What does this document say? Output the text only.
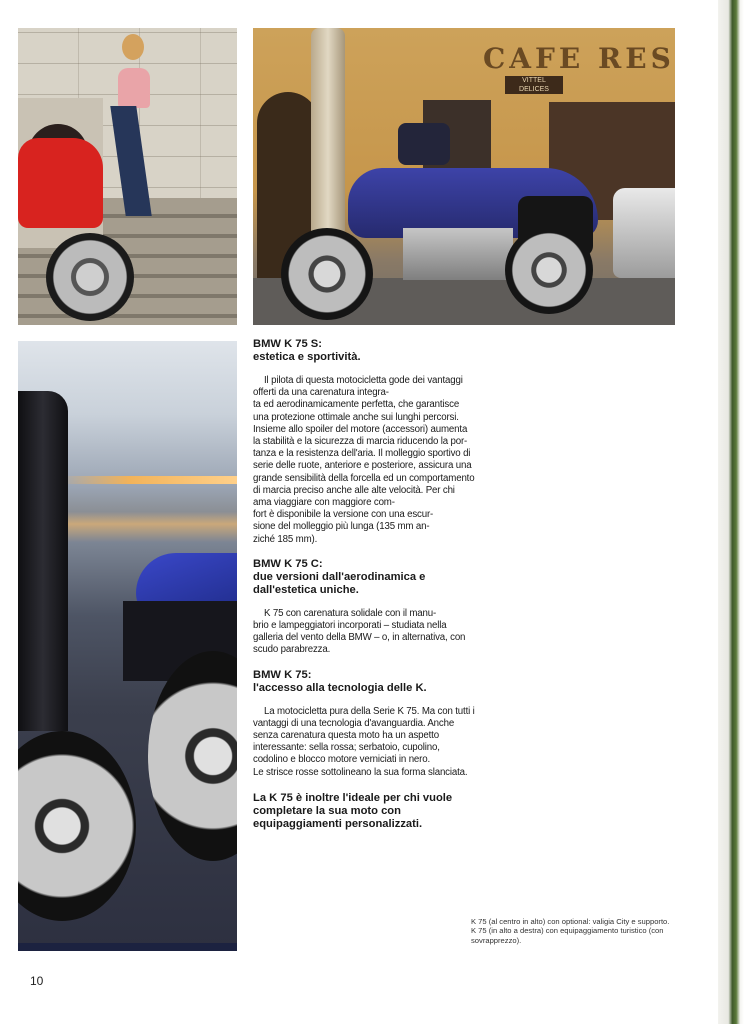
CAFE RES
VITTEL
DELICES

BMW K 75 S:
estetica e sportività.

Il pilota di questa motocicletta gode dei vantaggi offerti da una carenatura integra-
ta ed aerodinamicamente perfetta, che garantisce una protezione ottimale anche sui lunghi percorsi. Insieme allo spoiler del motore (accessori) aumenta la stabilità e la sicurezza di marcia riducendo la por-
tanza e la resistenza dell'aria. Il molleggio sportivo di serie delle ruote, anteriore e posteriore, assicura una grande sensibilità della forcella ed un comportamento di marcia preciso anche alle alte velocità. Per chi ama viaggiare con maggiore com-
fort è disponibile la versione con una escur-
sione del molleggio più lunga (135 mm an-
ziché 185 mm).

BMW K 75 C:
due versioni dall'aerodinamica e dall'estetica uniche.

K 75 con carenatura solidale con il manu-
brio e lampeggiatori incorporati – studiata nella galleria del vento della BMW – o, in alternativa, con scudo parabrezza.

BMW K 75:
l'accesso alla tecnologia delle K.

La motocicletta pura della Serie K 75. Ma con tutti i vantaggi di una tecnologia d'avanguardia. Anche senza carenatura questa moto ha un aspetto interessante: sella rossa; serbatoio, cupolino, codolino e blocco motore verniciati in nero.
Le strisce rosse sottolineano la sua forma slanciata.

La K 75 è inoltre l'ideale per chi vuole completare la sua moto con equipaggiamenti personalizzati.

K 75 (al centro in alto) con optional: valigia City e supporto.
K 75 (in alto a destra) con equipaggiamento turistico (con sovrapprezzo).
10
